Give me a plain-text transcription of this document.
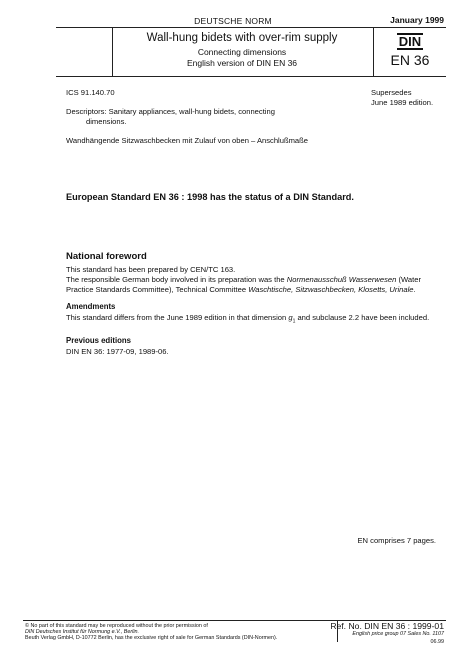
DEUTSCHE NORM	January 1999
Wall-hung bidets with over-rim supply
Connecting dimensions
English version of DIN EN 36
DIN
EN 36
ICS 91.140.70	Supersedes
June 1989 edition.
Descriptors: Sanitary appliances, wall-hung bidets, connecting
dimensions.
Wandhängende Sitzwaschbecken mit Zulauf von oben – Anschlußmaße
European Standard EN 36 : 1998 has the status of a DIN Standard.
National foreword
This standard has been prepared by CEN/TC 163.
The responsible German body involved in its preparation was the Normenausschuß Wasserwesen (Water
Practice Standards Committee), Technical Committee Waschtische, Sitzwaschbecken, Klosetts, Urinale.
Amendments
This standard differs from the June 1989 edition in that dimension $g_1$ and subclause 2.2 have been included.
Previous editions
DIN EN 36: 1977-09, 1989-06.
EN comprises 7 pages.
© No part of this standard may be reproduced without the prior permission of
DIN Deutsches Institut für Normung e.V., Berlin.
Beuth Verlag GmbH, D-10772 Berlin, has the exclusive right of sale for German Standards (DIN-Normen).
Ref. No. DIN EN 36 : 1999-01
English price group 07 Sales No. 1107
06.99
